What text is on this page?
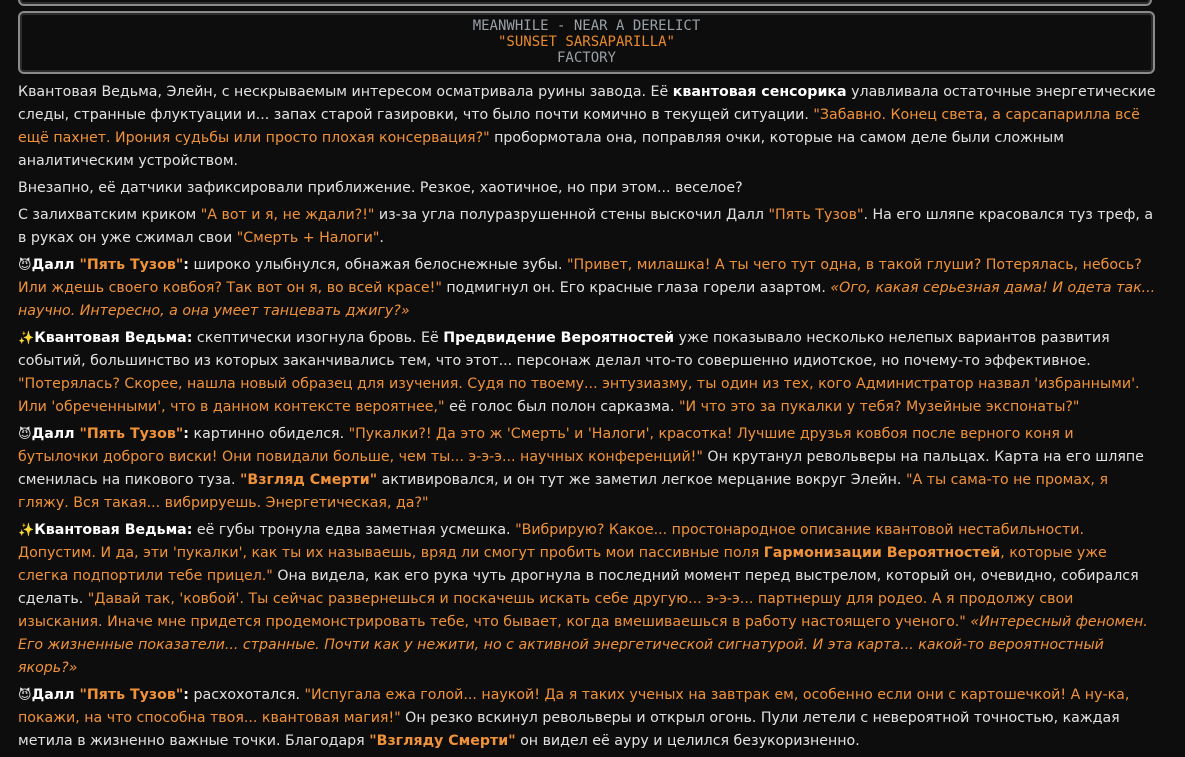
MEANWHILE - NEAR A DERELICT
"SUNSET SARSAPARILLA"
FACTORY

Квантовая Ведьма, Элейн, с нескрываемым интересом осматривала руины завода. Её квантовая сенсорика улавливала остаточные энергетические следы, странные флуктуации и... запах старой газировки, что было почти комично в текущей ситуации. "Забавно. Конец света, а сарсапарилла всё ещё пахнет. Ирония судьбы или просто плохая консервация?" пробормотала она, поправляя очки, которые на самом деле были сложным аналитическим устройством.

Внезапно, её датчики зафиксировали приближение. Резкое, хаотичное, но при этом... веселое?

С залихватским криком "А вот и я, не ждали?!" из-за угла полуразрушенной стены выскочил Далл "Пять Тузов". На его шляпе красовался туз треф, а в руках он уже сжимал свои "Смерть + Налоги".

😈Далл "Пять Тузов": широко улыбнулся, обнажая белоснежные зубы. "Привет, милашка! А ты чего тут одна, в такой глуши? Потерялась, небось? Или ждешь своего ковбоя? Так вот он я, во всей красе!" подмигнул он. Его красные глаза горели азартом. «Ого, какая серьезная дама! И одета так... научно. Интересно, а она умеет танцевать джигу?»

✨Квантовая Ведьма: скептически изогнула бровь. Её Предвидение Вероятностей уже показывало несколько нелепых вариантов развития событий, большинство из которых заканчивались тем, что этот... персонаж делал что-то совершенно идиотское, но почему-то эффективное. "Потерялась? Скорее, нашла новый образец для изучения. Судя по твоему... энтузиазму, ты один из тех, кого Администратор назвал 'избранными'. Или 'обреченными', что в данном контексте вероятнее," её голос был полон сарказма. "И что это за пукалки у тебя? Музейные экспонаты?"

😈Далл "Пять Тузов": картинно обиделся. "Пукалки?! Да это ж 'Смерть' и 'Налоги', красотка! Лучшие друзья ковбоя после верного коня и бутылочки доброго виски! Они повидали больше, чем ты... э-э-э... научных конференций!" Он крутанул револьверы на пальцах. Карта на его шляпе сменилась на пикового туза. "Взгляд Смерти" активировался, и он тут же заметил легкое мерцание вокруг Элейн. "А ты сама-то не промах, я гляжу. Вся такая... вибрируешь. Энергетическая, да?"

✨Квантовая Ведьма: её губы тронула едва заметная усмешка. "Вибрирую? Какое... простонародное описание квантовой нестабильности. Допустим. И да, эти 'пукалки', как ты их называешь, вряд ли смогут пробить мои пассивные поля Гармонизации Вероятностей, которые уже слегка подпортили тебе прицел." Она видела, как его рука чуть дрогнула в последний момент перед выстрелом, который он, очевидно, собирался сделать. "Давай так, 'ковбой'. Ты сейчас развернешься и поскачешь искать себе другую... э-э-э... партнершу для родео. А я продолжу свои изыскания. Иначе мне придется продемонстрировать тебе, что бывает, когда вмешиваешься в работу настоящего ученого." «Интересный феномен. Его жизненные показатели... странные. Почти как у нежити, но с активной энергетической сигнатурой. И эта карта... какой-то вероятностный якорь?»

😈Далл "Пять Тузов": расхохотался. "Испугала ежа голой... наукой! Да я таких ученых на завтрак ем, особенно если они с картошечкой! А ну-ка, покажи, на что способна твоя... квантовая магия!" Он резко вскинул револьверы и открыл огонь. Пули летели с невероятной точностью, каждая метила в жизненно важные точки. Благодаря "Взгляду Смерти" он видел её ауру и целился безукоризненно.
